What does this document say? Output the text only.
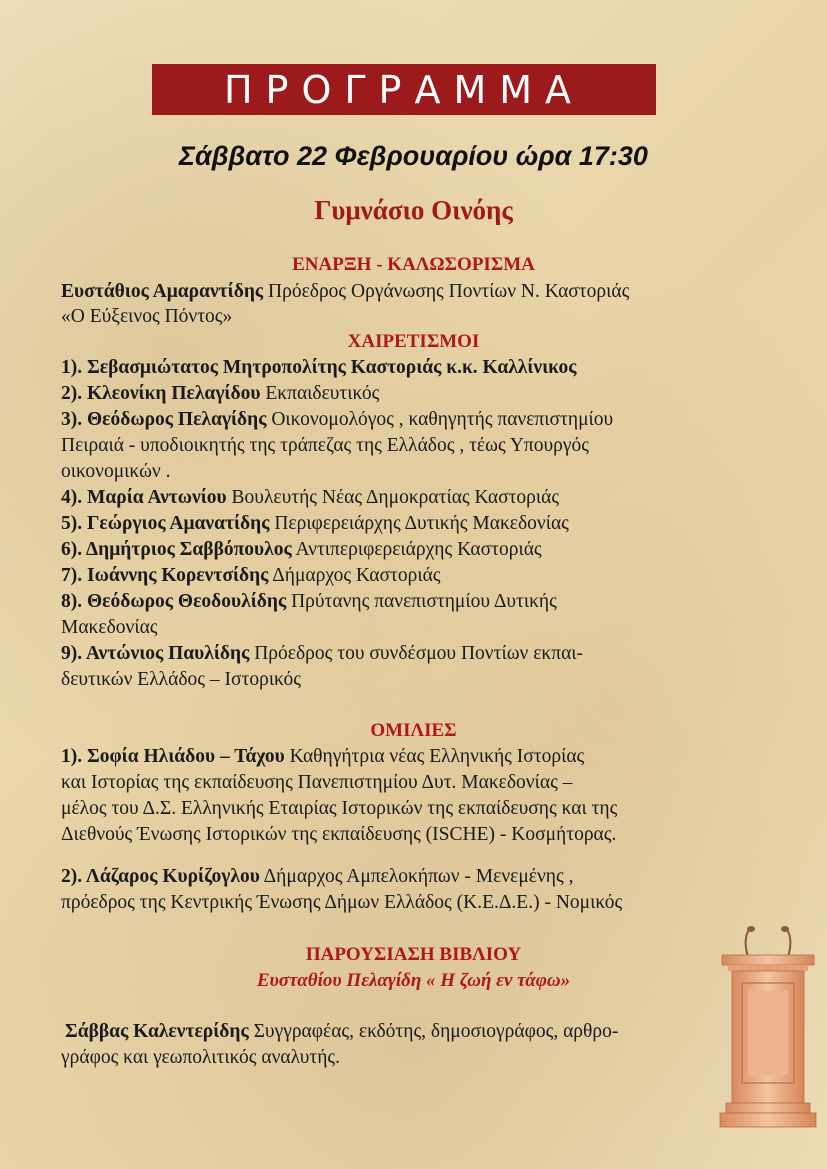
ΠΡΟΓΡΑΜΜΑ
Σάββατο 22 Φεβρουαρίου ώρα 17:30
Γυμνάσιο Οινόης
ΕΝΑΡΞΗ - ΚΑΛΩΣΟΡΙΣΜΑ
Ευστάθιος Αμαραντίδης Πρόεδρος Οργάνωσης Ποντίων Ν. Καστοριάς
«Ο Εύξεινος Πόντος»
ΧΑΙΡΕΤΙΣΜΟΙ
1). Σεβασμιώτατος Μητροπολίτης Καστοριάς κ.κ. Καλλίνικος
2). Κλεονίκη Πελαγίδου Εκπαιδευτικός
3). Θεόδωρος Πελαγίδης Οικονομολόγος , καθηγητής πανεπιστημίου
Πειραιά - υποδιοικητής της τράπεζας της Ελλάδος , τέως Υπουργός
οικονομικών .
4). Μαρία Αντωνίου Βουλευτής Νέας Δημοκρατίας Καστοριάς
5). Γεώργιος Αμανατίδης Περιφερειάρχης Δυτικής Μακεδονίας
6). Δημήτριος Σαββόπουλος Αντιπεριφερειάρχης Καστοριάς
7). Ιωάννης Κορεντσίδης Δήμαρχος Καστοριάς
8). Θεόδωρος Θεοδουλίδης Πρύτανης πανεπιστημίου Δυτικής
Μακεδονίας
9). Αντώνιος Παυλίδης Πρόεδρος του συνδέσμου Ποντίων εκπαι-
δευτικών Ελλάδος – Ιστορικός
ΟΜΙΛΙΕΣ
1). Σοφία Ηλιάδου – Τάχου Καθηγήτρια νέας Ελληνικής Ιστορίας
και Ιστορίας της εκπαίδευσης Πανεπιστημίου Δυτ. Μακεδονίας –
μέλος του Δ.Σ. Ελληνικής Εταιρίας Ιστορικών της εκπαίδευσης και της
Διεθνούς Ένωσης Ιστορικών της εκπαίδευσης (ISCHE) - Κοσμήτορας.
2). Λάζαρος Κυρίζογλου Δήμαρχος Αμπελοκήπων - Μενεμένης ,
πρόεδρος της Κεντρικής Ένωσης Δήμων Ελλάδος (Κ.Ε.Δ.Ε.) - Νομικός
ΠΑΡΟΥΣΙΑΣΗ ΒΙΒΛΙΟΥ
Ευσταθίου Πελαγίδη « Η ζωή εν τάφω»
Σάββας Καλεντερίδης Συγγραφέας, εκδότης, δημοσιογράφος, αρθρο-
γράφος και γεωπολιτικός αναλυτής.
